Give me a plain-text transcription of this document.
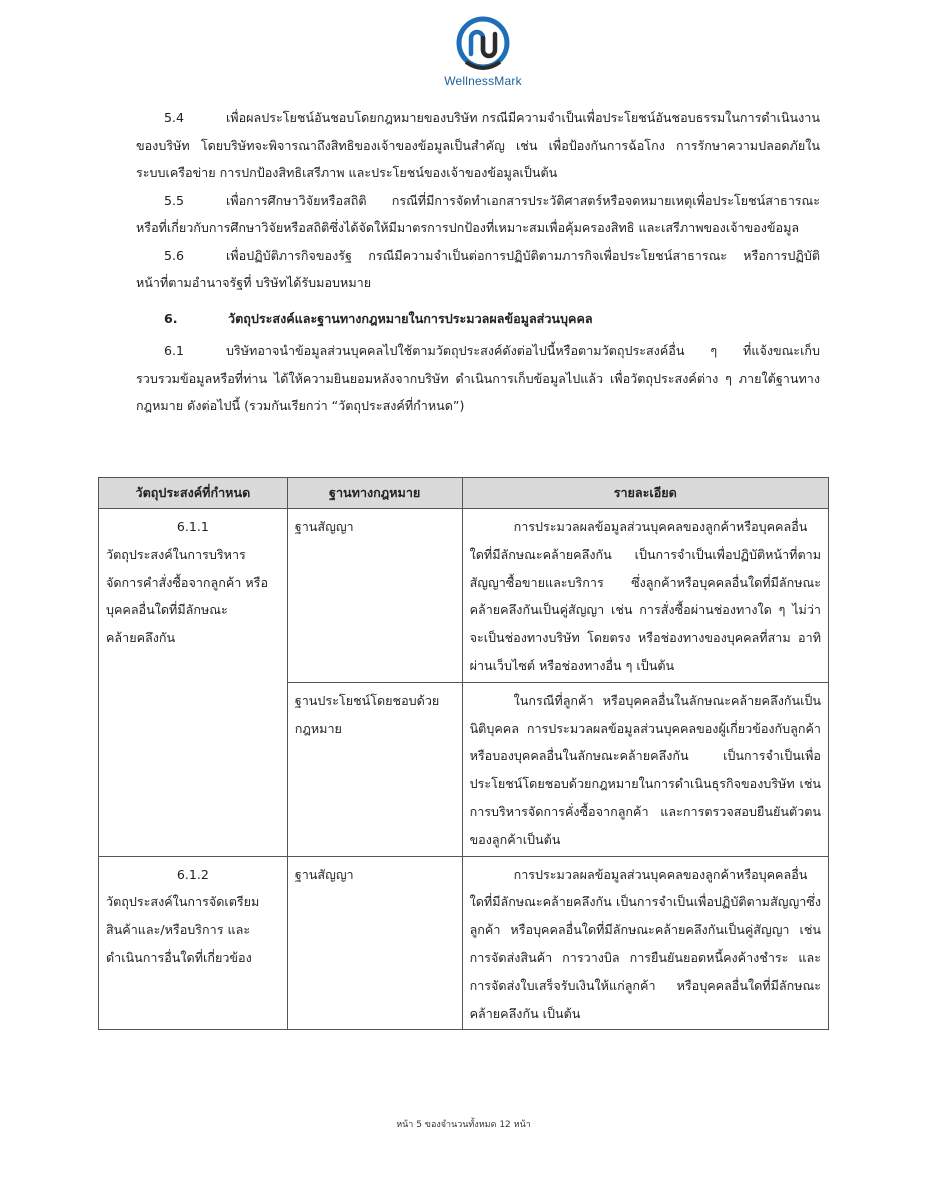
WellnessMark

5.4	เพื่อผลประโยชน์อันชอบโดยกฎหมายของบริษัท กรณีมีความจำเป็นเพื่อประโยชน์อันชอบธรรมในการดำเนินงานของบริษัท โดยบริษัทจะพิจารณาถึงสิทธิของเจ้าของข้อมูลเป็นสำคัญ เช่น เพื่อป้องกันการฉ้อโกง การรักษาความปลอดภัยในระบบเครือข่าย การปกป้องสิทธิเสรีภาพ และประโยชน์ของเจ้าของข้อมูลเป็นต้น

5.5	เพื่อการศึกษาวิจัยหรือสถิติ กรณีที่มีการจัดทำเอกสารประวัติศาสตร์หรือจดหมายเหตุเพื่อประโยชน์สาธารณะ หรือที่เกี่ยวกับการศึกษาวิจัยหรือสถิติซึ่งได้จัดให้มีมาตรการปกป้องที่เหมาะสมเพื่อคุ้มครองสิทธิ และเสรีภาพของเจ้าของข้อมูล

5.6	เพื่อปฏิบัติภารกิจของรัฐ กรณีมีความจำเป็นต่อการปฏิบัติตามภารกิจเพื่อประโยชน์สาธารณะ หรือการปฏิบัติหน้าที่ตามอำนาจรัฐที่ บริษัทได้รับมอบหมาย

6.	วัตถุประสงค์และฐานทางกฎหมายในการประมวลผลข้อมูลส่วนบุคคล

6.1	บริษัทอาจนำข้อมูลส่วนบุคคลไปใช้ตามวัตถุประสงค์ดังต่อไปนี้หรือตามวัตถุประสงค์อื่น ๆ ที่แจ้งขณะเก็บรวบรวมข้อมูลหรือที่ท่าน ได้ให้ความยินยอมหลังจากบริษัท ดำเนินการเก็บข้อมูลไปแล้ว เพื่อวัตถุประสงค์ต่าง ๆ ภายใต้ฐานทางกฎหมาย ดังต่อไปนี้ (รวมกันเรียกว่า “วัตถุประสงค์ที่กำหนด”)

วัตถุประสงค์ที่กำหนด	ฐานทางกฎหมาย	รายละเอียด

6.1.1
วัตถุประสงค์ในการบริหารจัดการคำสั่งซื้อจากลูกค้า หรือบุคคลอื่นใดที่มีลักษณะคล้ายคลึงกัน	ฐานสัญญา	การประมวลผลข้อมูลส่วนบุคคลของลูกค้าหรือบุคคลอื่นใดที่มีลักษณะคล้ายคลึงกัน เป็นการจำเป็นเพื่อปฏิบัติหน้าที่ตามสัญญาซื้อขายและบริการ ซึ่งลูกค้าหรือบุคคลอื่นใดที่มีลักษณะคล้ายคลึงกันเป็นคู่สัญญา เช่น การสั่งซื้อผ่านช่องทางใด ๆ ไม่ว่าจะเป็นช่องทางบริษัท โดยตรง หรือช่องทางของบุคคลที่สาม อาทิ ผ่านเว็บไซต์ หรือช่องทางอื่น ๆ เป็นต้น
	ฐานประโยชน์โดยชอบด้วยกฎหมาย	ในกรณีที่ลูกค้า หรือบุคคลอื่นในลักษณะคล้ายคลึงกันเป็นนิติบุคคล การประมวลผลข้อมูลส่วนบุคคลของผู้เกี่ยวข้องกับลูกค้าหรือบองบุคคลอื่นในลักษณะคล้ายคลึงกัน เป็นการจำเป็นเพื่อประโยชน์โดยชอบด้วยกฎหมายในการดำเนินธุรกิจของบริษัท เช่น การบริหารจัดการคั่งซื้อจากลูกค้า และการตรวจสอบยืนยันตัวตนของลูกค้าเป็นต้น

6.1.2
วัตถุประสงค์ในการจัดเตรียมสินค้าและ/หรือบริการ และดำเนินการอื่นใดที่เกี่ยวข้อง	ฐานสัญญา	การประมวลผลข้อมูลส่วนบุคคลของลูกค้าหรือบุคคลอื่นใดที่มีลักษณะคล้ายคลึงกัน เป็นการจำเป็นเพื่อปฏิบัติตามสัญญาซึ่งลูกค้า หรือบุคคลอื่นใดที่มีลักษณะคล้ายคลึงกันเป็นคู่สัญญา เช่น การจัดส่งสินค้า การวางบิล การยืนยันยอดหนี้คงค้างชำระ และการจัดส่งใบเสร็จรับเงินให้แก่ลูกค้า หรือบุคคลอื่นใดที่มีลักษณะคล้ายคลึงกัน เป็นต้น
หน้า 5 ของจำนวนทั้งหมด 12 หน้า
